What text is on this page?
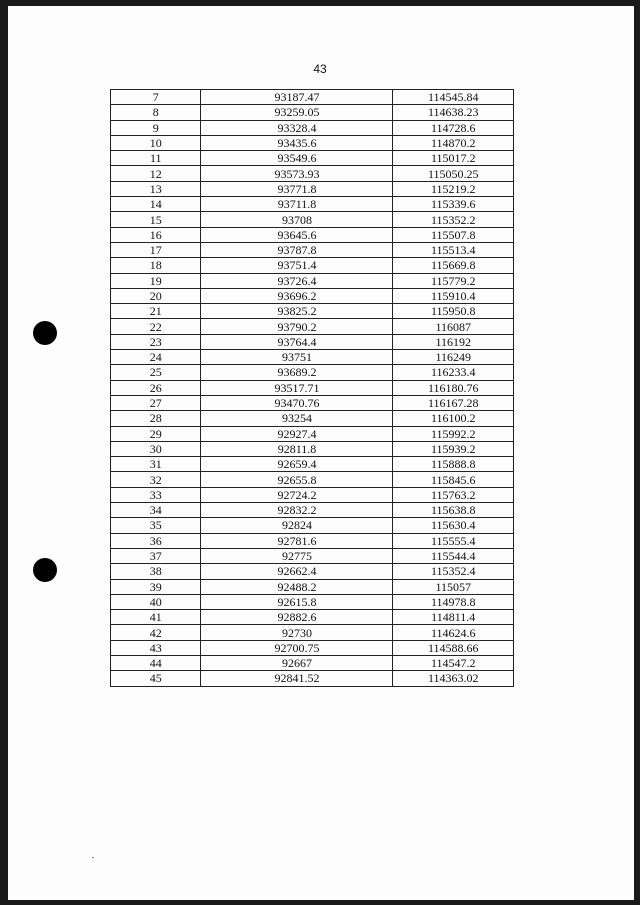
43
7	93187.47	114545.84
8	93259.05	114638.23
9	93328.4	114728.6
10	93435.6	114870.2
11	93549.6	115017.2
12	93573.93	115050.25
13	93771.8	115219.2
14	93711.8	115339.6
15	93708	115352.2
16	93645.6	115507.8
17	93787.8	115513.4
18	93751.4	115669.8
19	93726.4	115779.2
20	93696.2	115910.4
21	93825.2	115950.8
22	93790.2	116087
23	93764.4	116192
24	93751	116249
25	93689.2	116233.4
26	93517.71	116180.76
27	93470.76	116167.28
28	93254	116100.2
29	92927.4	115992.2
30	92811.8	115939.2
31	92659.4	115888.8
32	92655.8	115845.6
33	92724.2	115763.2
34	92832.2	115638.8
35	92824	115630.4
36	92781.6	115555.4
37	92775	115544.4
38	92662.4	115352.4
39	92488.2	115057
40	92615.8	114978.8
41	92882.6	114811.4
42	92730	114624.6
43	92700.75	114588.66
44	92667	114547.2
45	92841.52	114363.02
